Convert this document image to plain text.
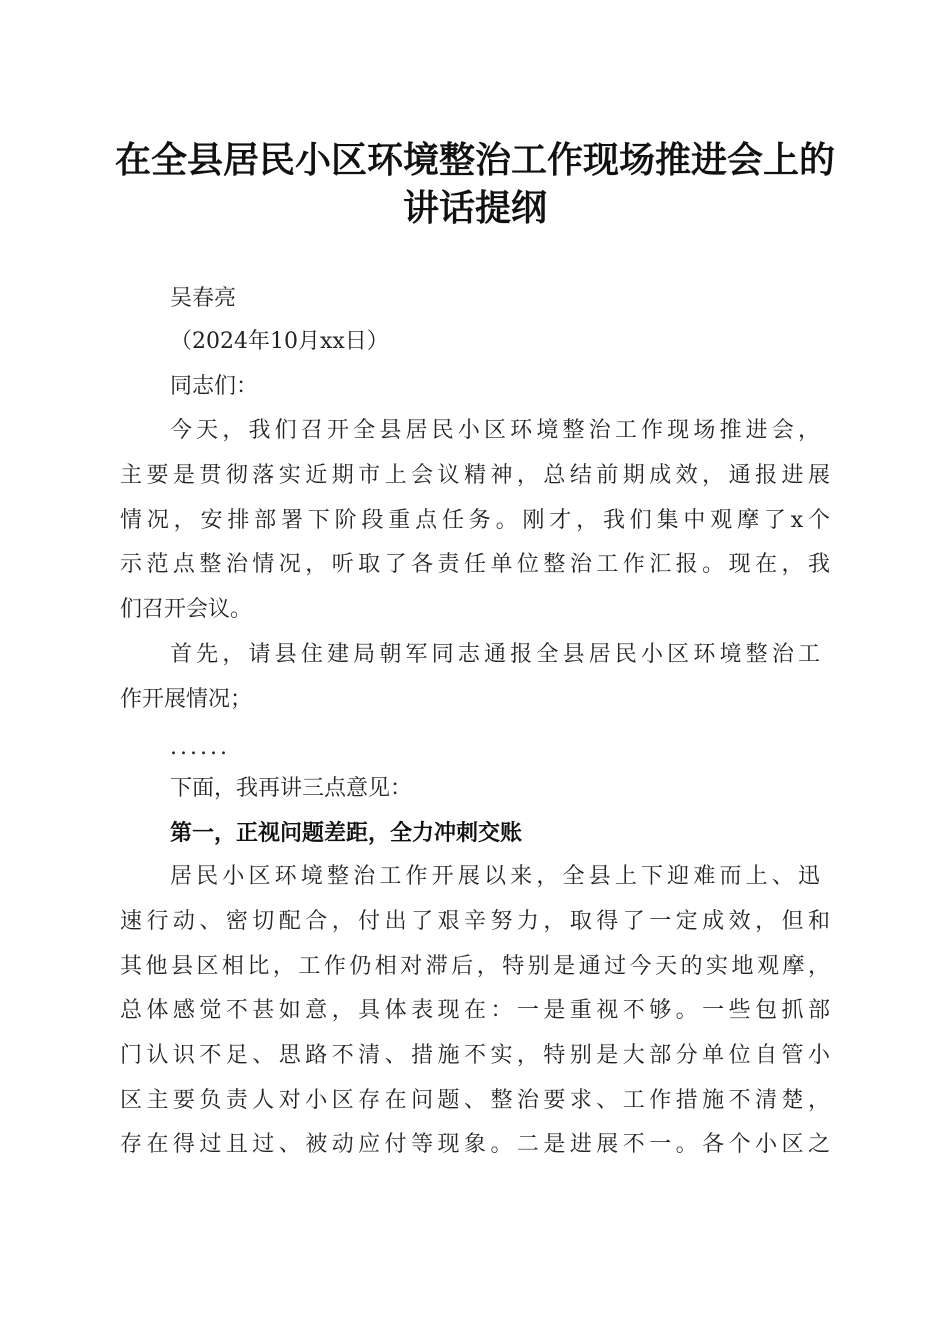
在全县居民小区环境整治工作现场推进会上的
讲话提纲
吴春亮
（2024年10月xx日）
同志们：
今天，我们召开全县居民小区环境整治工作现场推进会，
主要是贯彻落实近期市上会议精神，总结前期成效，通报进展
情况，安排部署下阶段重点任务。刚才，我们集中观摩了x个
示范点整治情况，听取了各责任单位整治工作汇报。现在，我
们召开会议。
首先，请县住建局朝军同志通报全县居民小区环境整治工
作开展情况；
......
下面，我再讲三点意见：
第一，正视问题差距，全力冲刺交账
居民小区环境整治工作开展以来，全县上下迎难而上、迅
速行动、密切配合，付出了艰辛努力，取得了一定成效，但和
其他县区相比，工作仍相对滞后，特别是通过今天的实地观摩，
总体感觉不甚如意，具体表现在：一是重视不够。一些包抓部
门认识不足、思路不清、措施不实，特别是大部分单位自管小
区主要负责人对小区存在问题、整治要求、工作措施不清楚，
存在得过且过、被动应付等现象。二是进展不一。各个小区之
